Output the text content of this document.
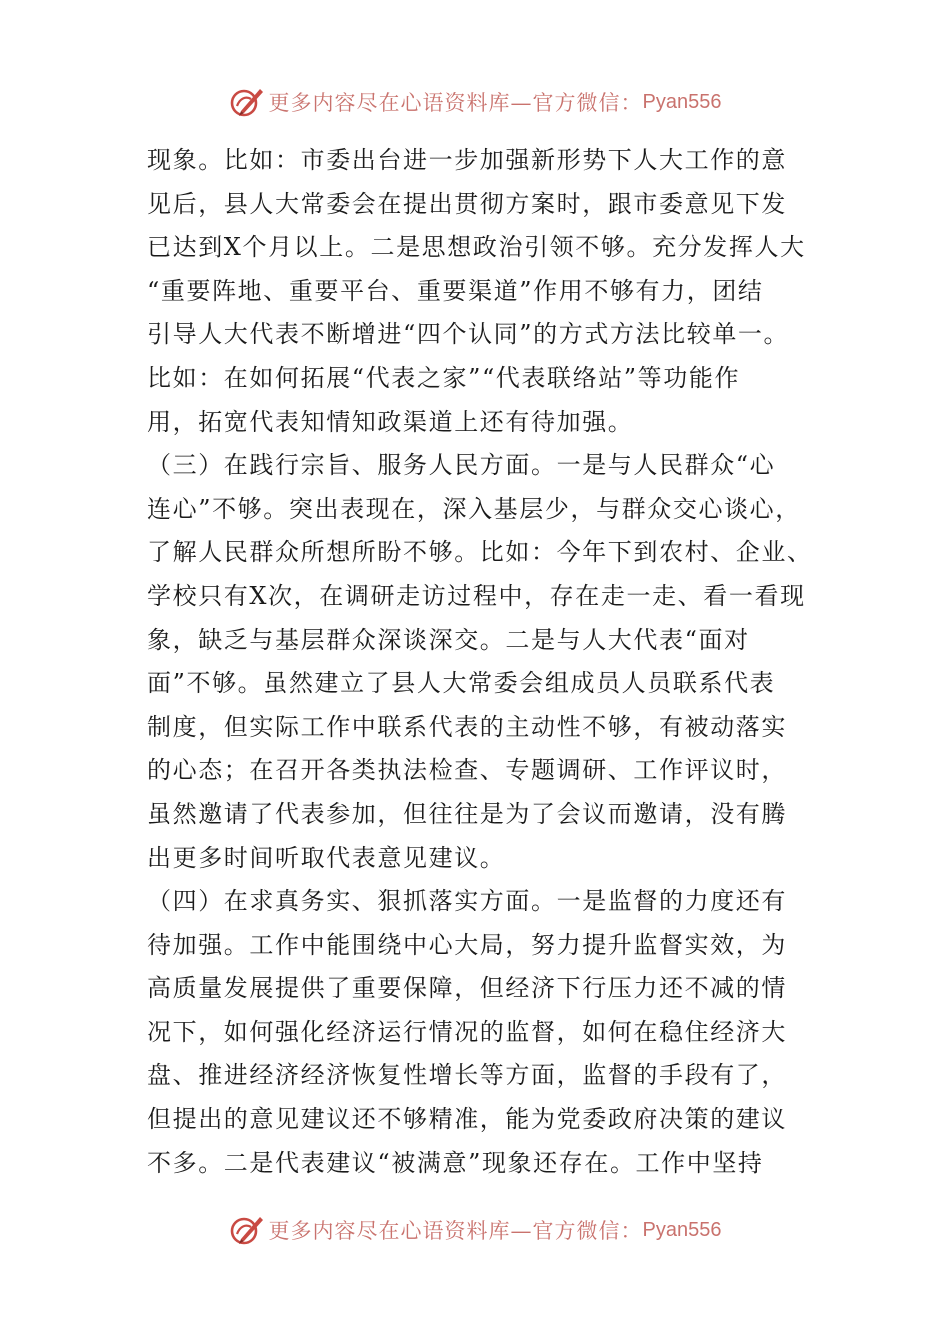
更多内容尽在心语资料库—官方微信： Pyan556
现象。比如：市委出台进一步加强新形势下人大工作的意
见后，县人大常委会在提出贯彻方案时，跟市委意见下发
已达到X个月以上。二是思想政治引领不够。充分发挥人大
“重要阵地、重要平台、重要渠道”作用不够有力，团结
引导人大代表不断增进“四个认同”的方式方法比较单一。
比如：在如何拓展“代表之家”“代表联络站”等功能作
用，拓宽代表知情知政渠道上还有待加强。
（三）在践行宗旨、服务人民方面。一是与人民群众“心
连心”不够。突出表现在，深入基层少，与群众交心谈心，
了解人民群众所想所盼不够。比如：今年下到农村、企业、
学校只有X次，在调研走访过程中，存在走一走、看一看现
象，缺乏与基层群众深谈深交。二是与人大代表“面对
面”不够。虽然建立了县人大常委会组成员人员联系代表
制度，但实际工作中联系代表的主动性不够，有被动落实
的心态；在召开各类执法检查、专题调研、工作评议时，
虽然邀请了代表参加，但往往是为了会议而邀请，没有腾
出更多时间听取代表意见建议。
（四）在求真务实、狠抓落实方面。一是监督的力度还有
待加强。工作中能围绕中心大局，努力提升监督实效，为
高质量发展提供了重要保障，但经济下行压力还不减的情
况下，如何强化经济运行情况的监督，如何在稳住经济大
盘、推进经济经济恢复性增长等方面，监督的手段有了，
但提出的意见建议还不够精准，能为党委政府决策的建议
不多。二是代表建议“被满意”现象还存在。工作中坚持
更多内容尽在心语资料库—官方微信： Pyan556
